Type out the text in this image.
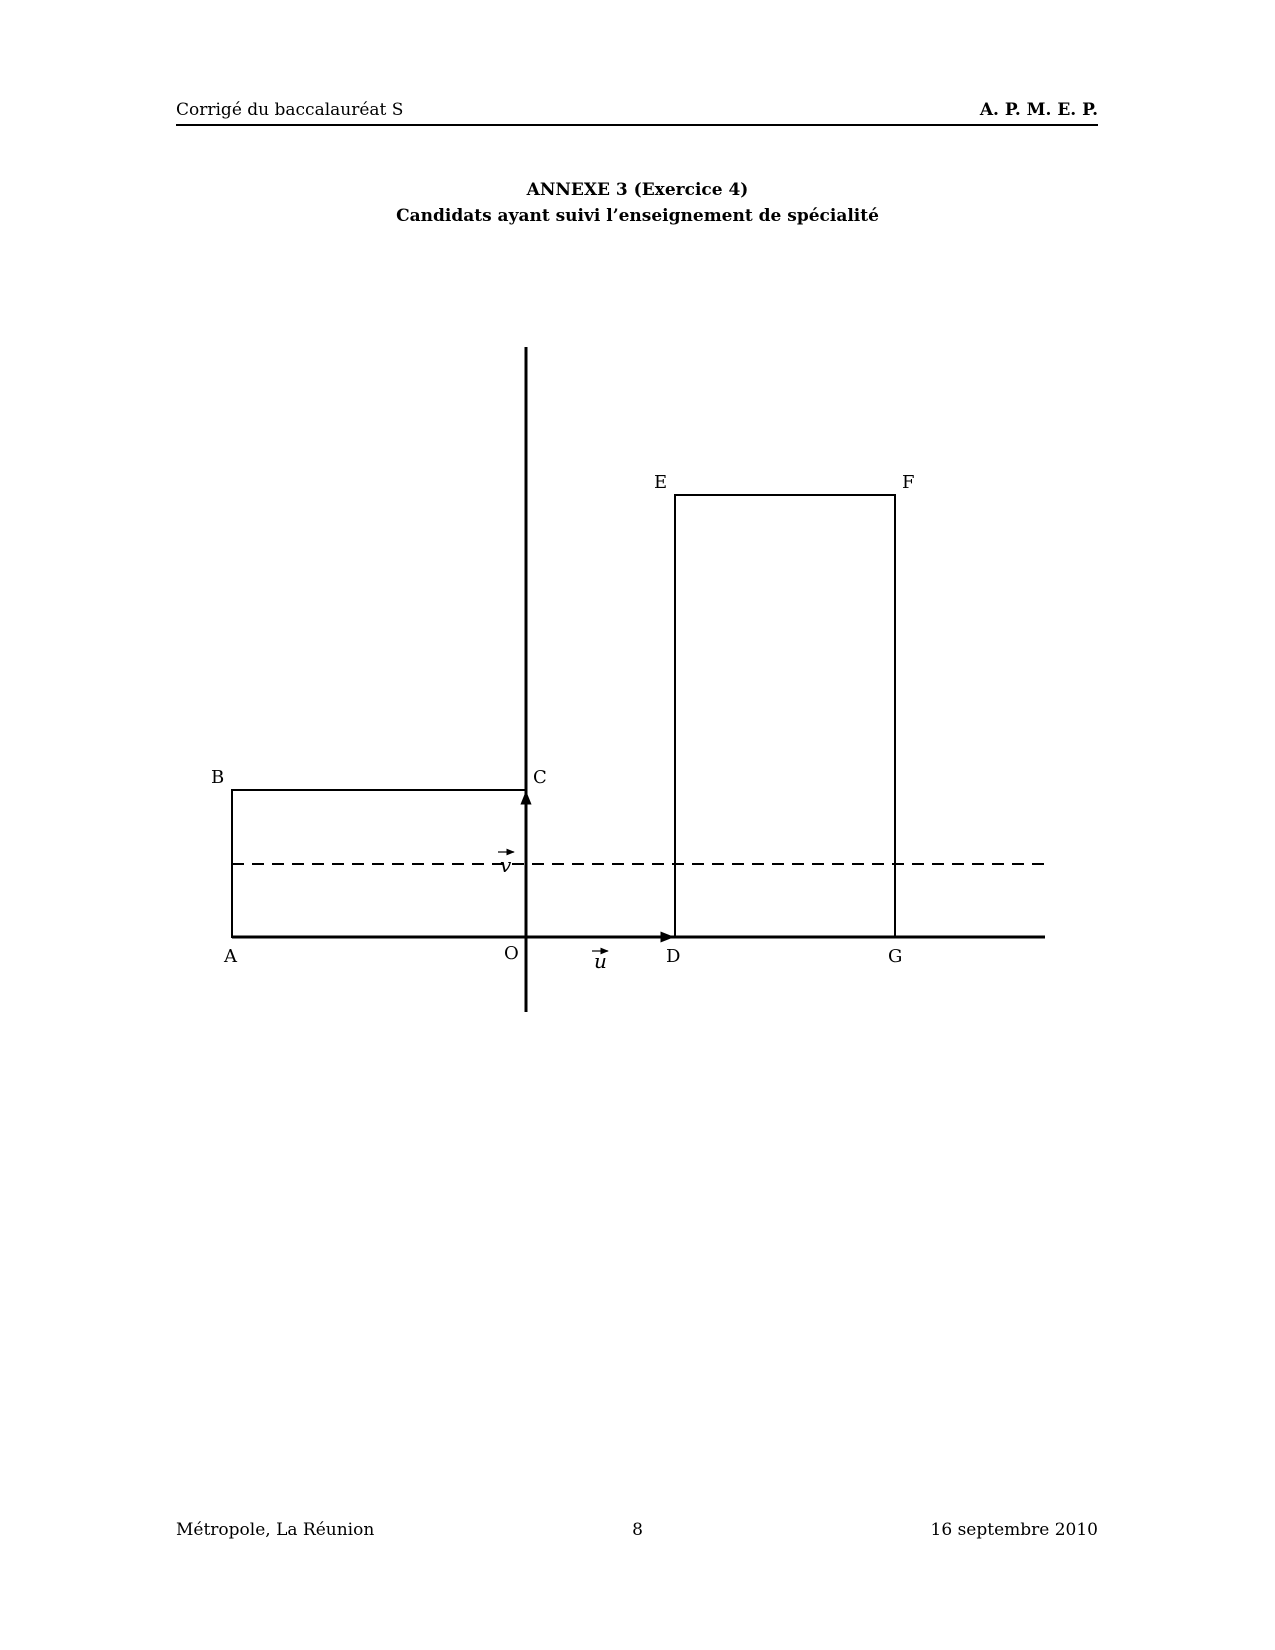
Corrigé du baccalauréat S	A. P. M. E. P.
ANNEXE 3 (Exercice 4)
Candidats ayant suivi l’enseignement de spécialité
A
B	C
O	D
E	F
G
u
v
Métropole, La Réunion	8	16 septembre 2010
